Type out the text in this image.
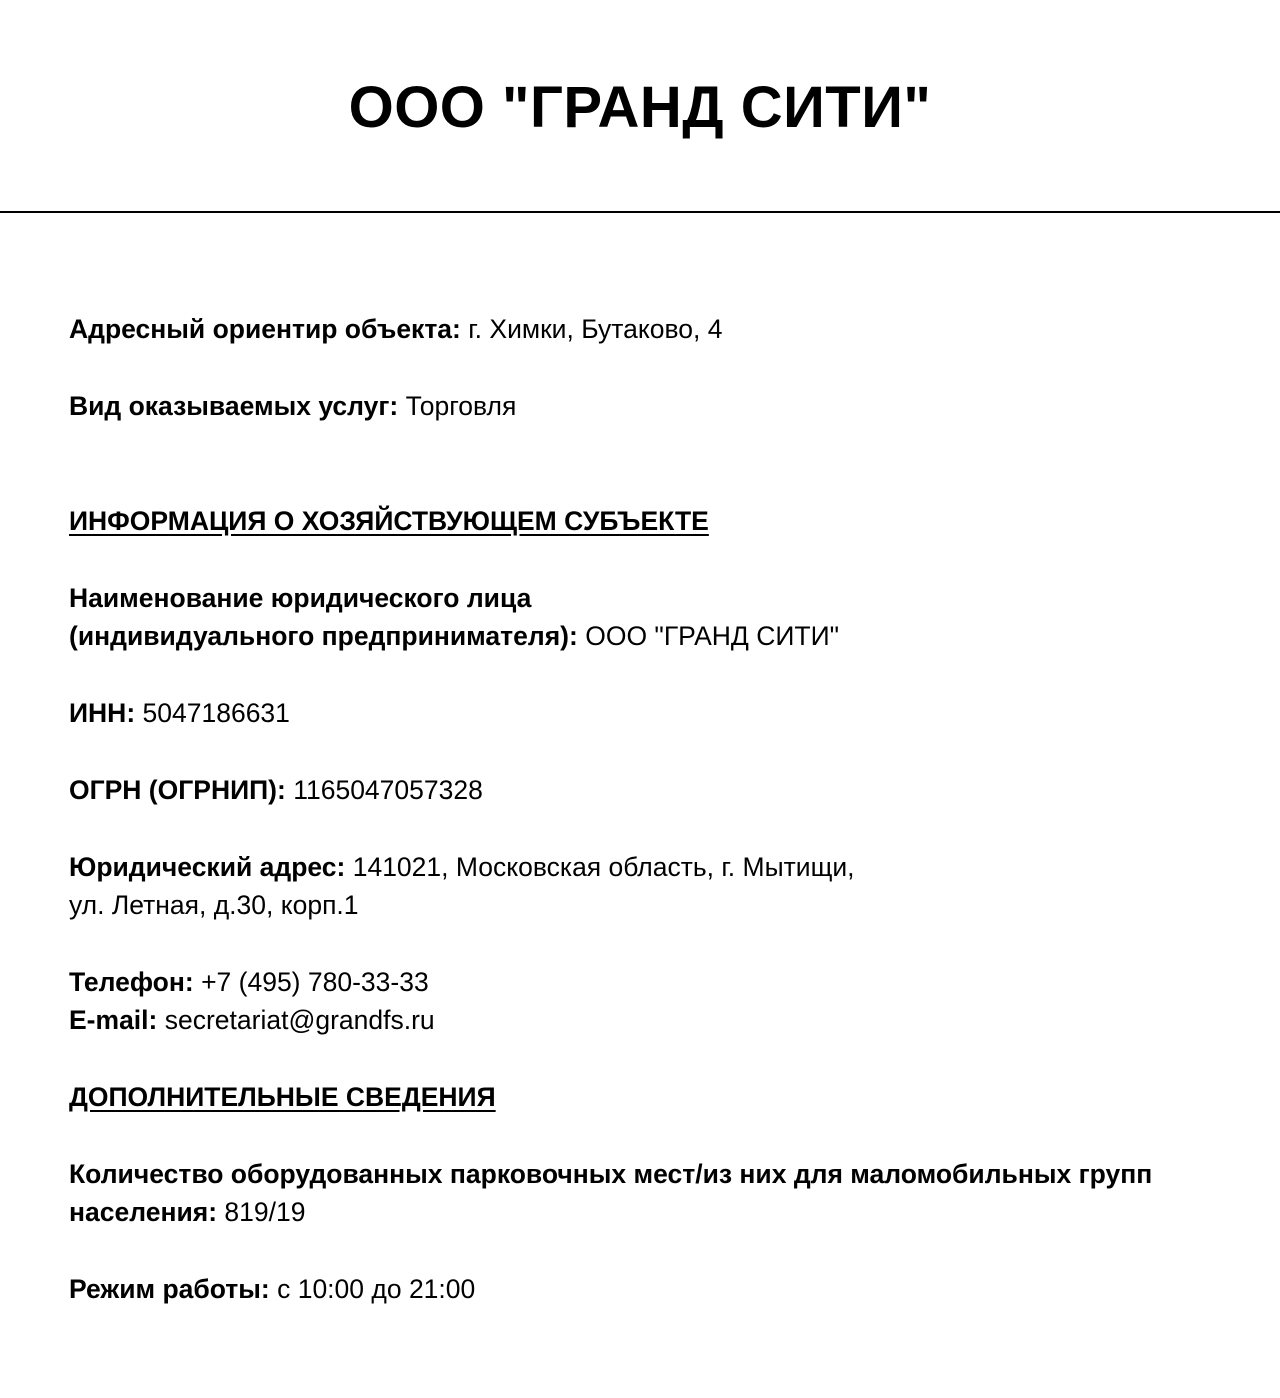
ООО "ГРАНД СИТИ"
Адресный ориентир объекта: г. Химки, Бутаково, 4
Вид оказываемых услуг: Торговля
ИНФОРМАЦИЯ О ХОЗЯЙСТВУЮЩЕМ СУБЪЕКТЕ
Наименование юридического лица
(индивидуального предпринимателя): ООО "ГРАНД СИТИ"
ИНН: 5047186631
ОГРН (ОГРНИП): 1165047057328
Юридический адрес: 141021, Московская область, г. Мытищи,
ул. Летная, д.30, корп.1
Телефон: +7 (495) 780-33-33
E-mail: secretariat@grandfs.ru
ДОПОЛНИТЕЛЬНЫЕ СВЕДЕНИЯ
Количество оборудованных парковочных мест/из них для маломобильных групп
населения: 819/19
Режим работы: с 10:00 до 21:00
